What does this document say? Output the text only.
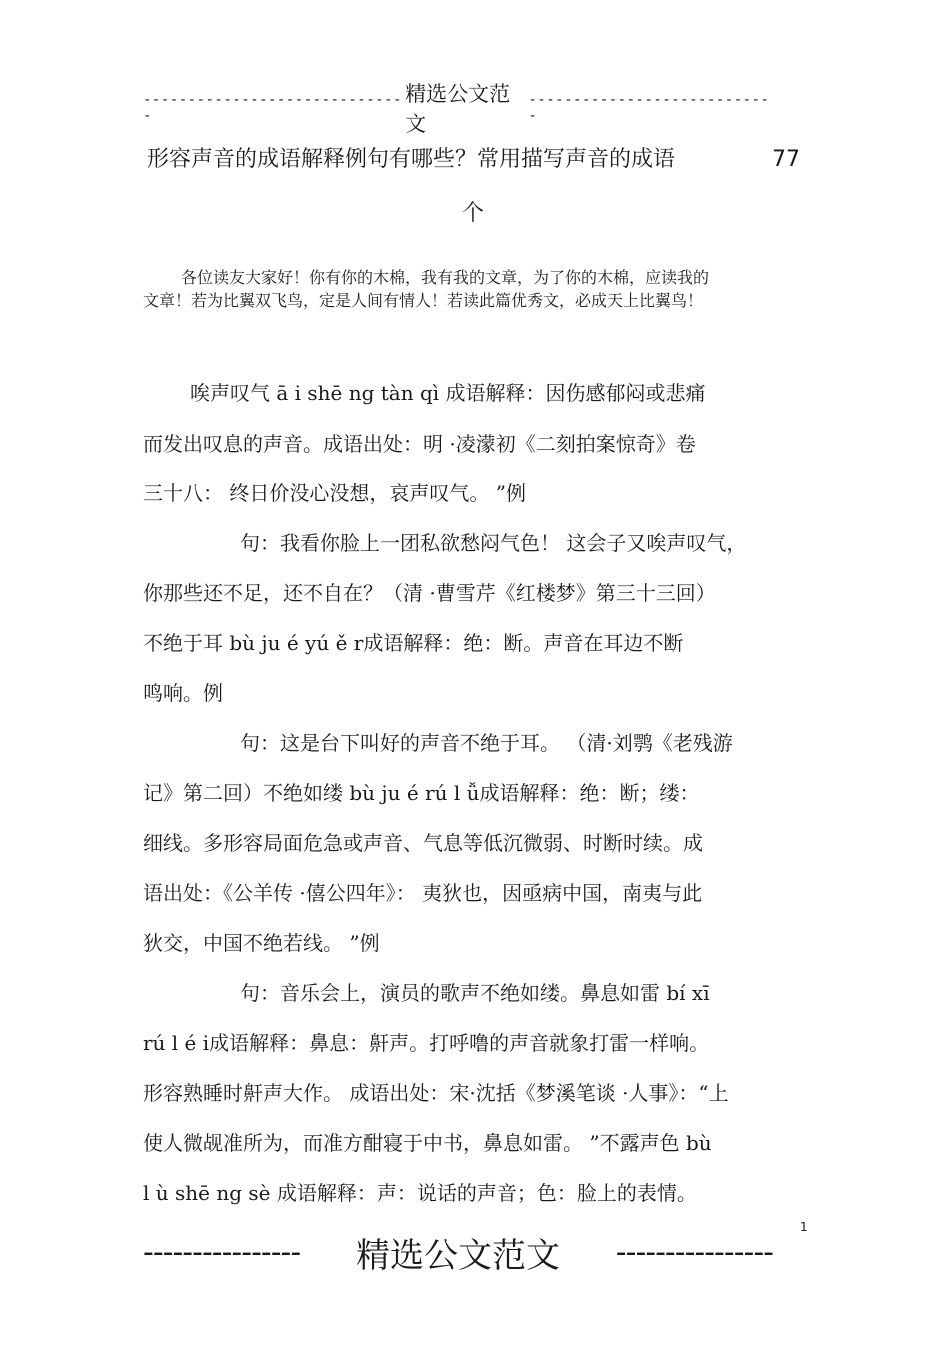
------------------------------
精选公文范文
----------------------------
形容声音的成语解释例句有哪些？常用描写声音的成语	77
个
各位读友大家好！你有你的木棉，我有我的文章，为了你的木棉，应读我的
文章！若为比翼双飞鸟，定是人间有情人！若读此篇优秀文，必成天上比翼鸟！
唉声叹气 ā i shē ng tàn qì 成语解释：因伤感郁闷或悲痛
而发出叹息的声音。成语出处：明 ·凌濛初《二刻拍案惊奇》卷
三十八： 终日价没心没想，哀声叹气。 ”例
句：我看你脸上一团私欲愁闷气色！ 这会子又唉声叹气，
你那些还不足，还不自在？（清 ·曹雪芹《红楼梦》第三十三回）
不绝于耳 bù ju é yú ě r成语解释：绝：断。声音在耳边不断
鸣响。例
句：这是台下叫好的声音不绝于耳。 （清·刘鹗《老残游
记》第二回）不绝如缕 bù ju é rú l ǚ成语解释：绝：断；缕：
细线。多形容局面危急或声音、气息等低沉微弱、时断时续。成
语出处：《公羊传 ·僖公四年》： 夷狄也，因亟病中国，南夷与此
狄交，中国不绝若线。 ”例
句：音乐会上，演员的歌声不绝如缕。鼻息如雷 bí xī
rú l é i成语解释：鼻息：鼾声。打呼噜的声音就象打雷一样响。
形容熟睡时鼾声大作。 成语出处：宋·沈括《梦溪笔谈 ·人事》：“上
使人微觇准所为，而准方酣寝于中书，鼻息如雷。 ”不露声色 bù
l ù shē ng sè 成语解释：声：说话的声音；色：脸上的表情。
1
---------------- 精选公文范文 ----------------
